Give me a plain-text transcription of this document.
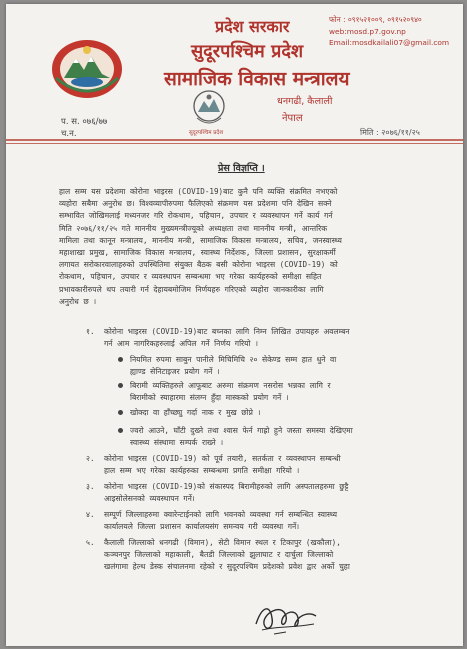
प्रदेश सरकार
सुदूरपश्चिम प्रदेश
सामाजिक विकास मन्त्रालय
धनगढी, कैलाली
नेपाल
फोन : ०९१५२१००९, ०९१५२०९४०
web:mosd.p7.gov.np
Email:mosdkailali07@gmail.com
सुदूरपश्चिम प्रदेश
प. स. ०७६/७७
च.न.	मिति : २०७६/११/२५
प्रेस विज्ञप्ति ।
हाल सम्म यस प्रदेशमा कोरोना भाइरस (COVID-19)बाट कुनै पनि व्यक्ति संक्रमित नभएको
व्यहोरा सबैमा अनुरोध छ। विश्वव्यापीरुपमा फैलिएको संक्रमण यस प्रदेशमा पनि देखिन सक्ने
सम्भावित जोखिमलाई मध्यनजर गरि रोकथाम, पहिचान, उपचार र व्यवस्थापन गर्ने कार्य गर्न
मिति २०७६/११/२५ गते माननीय मुख्यमन्त्रीज्यूको अध्यक्षता तथा माननीय मन्त्री, आन्तरिक
मामिला तथा कानून मन्त्रालय, माननीय मन्त्री, सामाजिक विकास मन्त्रालय, सचिव, जनस्वास्थ्य
महाशाखा प्रमुख, सामाजिक विकास मन्त्रालय, स्वास्थ्य निर्देशक, जिल्ला प्रशासन, सुरक्षाकर्मी
लगायत सरोकारवालाहरुको उपस्थितिमा संयुक्त बैठक बसी कोरोना भाइरस (COVID-19) को
रोकथाम, पहिचान, उपचार र व्यवस्थापन सम्बन्धमा भए गरेका कार्यहरुको समीक्षा सहित
प्रभावकारीरुपले थप तयारी गर्न देहायबमोजिम निर्णयहरु गरिएको व्यहोरा जानकारीका लागि
अनुरोध छ ।
१. कोरोना भाइरस (COVID-19)बाट बच्नका लागि निम्न लिखित उपायहरु अवलम्बन
गर्न आम नागरिकहरुलाई अपिल गर्ने निर्णय गरियो ।
नियमित रुपमा साबुन पानीले मिचिमिचि २० सेकेण्ड सम्म हात धुने वा
ह्याण्ड सेनिटाइजर प्रयोग गर्ने ।
बिरामी व्यक्तिहरुले आफूबाट अरुमा संक्रमण नसरोस भन्नका लागि र
बिरामीको स्याहारमा संलग्न हुँदा मास्कको प्रयोग गर्ने ।
खोक्दा वा हाँच्छ्यु गर्दा नाक र मुख छोप्ने ।
ज्वरो आउने, घाँटी दुख्ने तथा श्वास फेर्न गाह्रो हुने जस्ता समस्या देखिएमा
स्वास्थ्य संस्थामा सम्पर्क राख्ने ।
२. कोरोना भाइरस (COVID-19) को पूर्व तयारी, सतर्कता र व्यवस्थापन सम्बन्धी
हाल सम्म भए गरेका कार्यहरुका सम्बन्धमा प्रगति समीक्षा गरियो ।
३. कोरोना भाइरस (COVID-19)को संकास्पद बिरामीहरुको लागि अस्पतालहरुमा छुट्टै
आइसोलेसनको व्यवस्थापन गर्ने।
४. सम्पूर्ण जिल्लाहरुमा क्वारेन्टाईनको लागि भवनको व्यवस्था गर्न सम्बन्धित स्वास्थ्य
कार्यालयले जिल्ला प्रशासन कार्यालयसंग समन्वय गरी व्यवस्था गर्ने।
५. कैलाली जिल्लाको धनगढी (विमान), सेटी विमान स्थल र टिकापुर (खकौला),
कञ्चनपुर जिल्लाको महाकाली, बैतडी जिल्लाको झुलाघाट र दार्चुला जिल्लाको
खलंगामा हेल्थ डेस्क संचालनमा रहेको र सुदूरपश्चिम प्रदेशको प्रवेश द्वार अर्को चुहा
